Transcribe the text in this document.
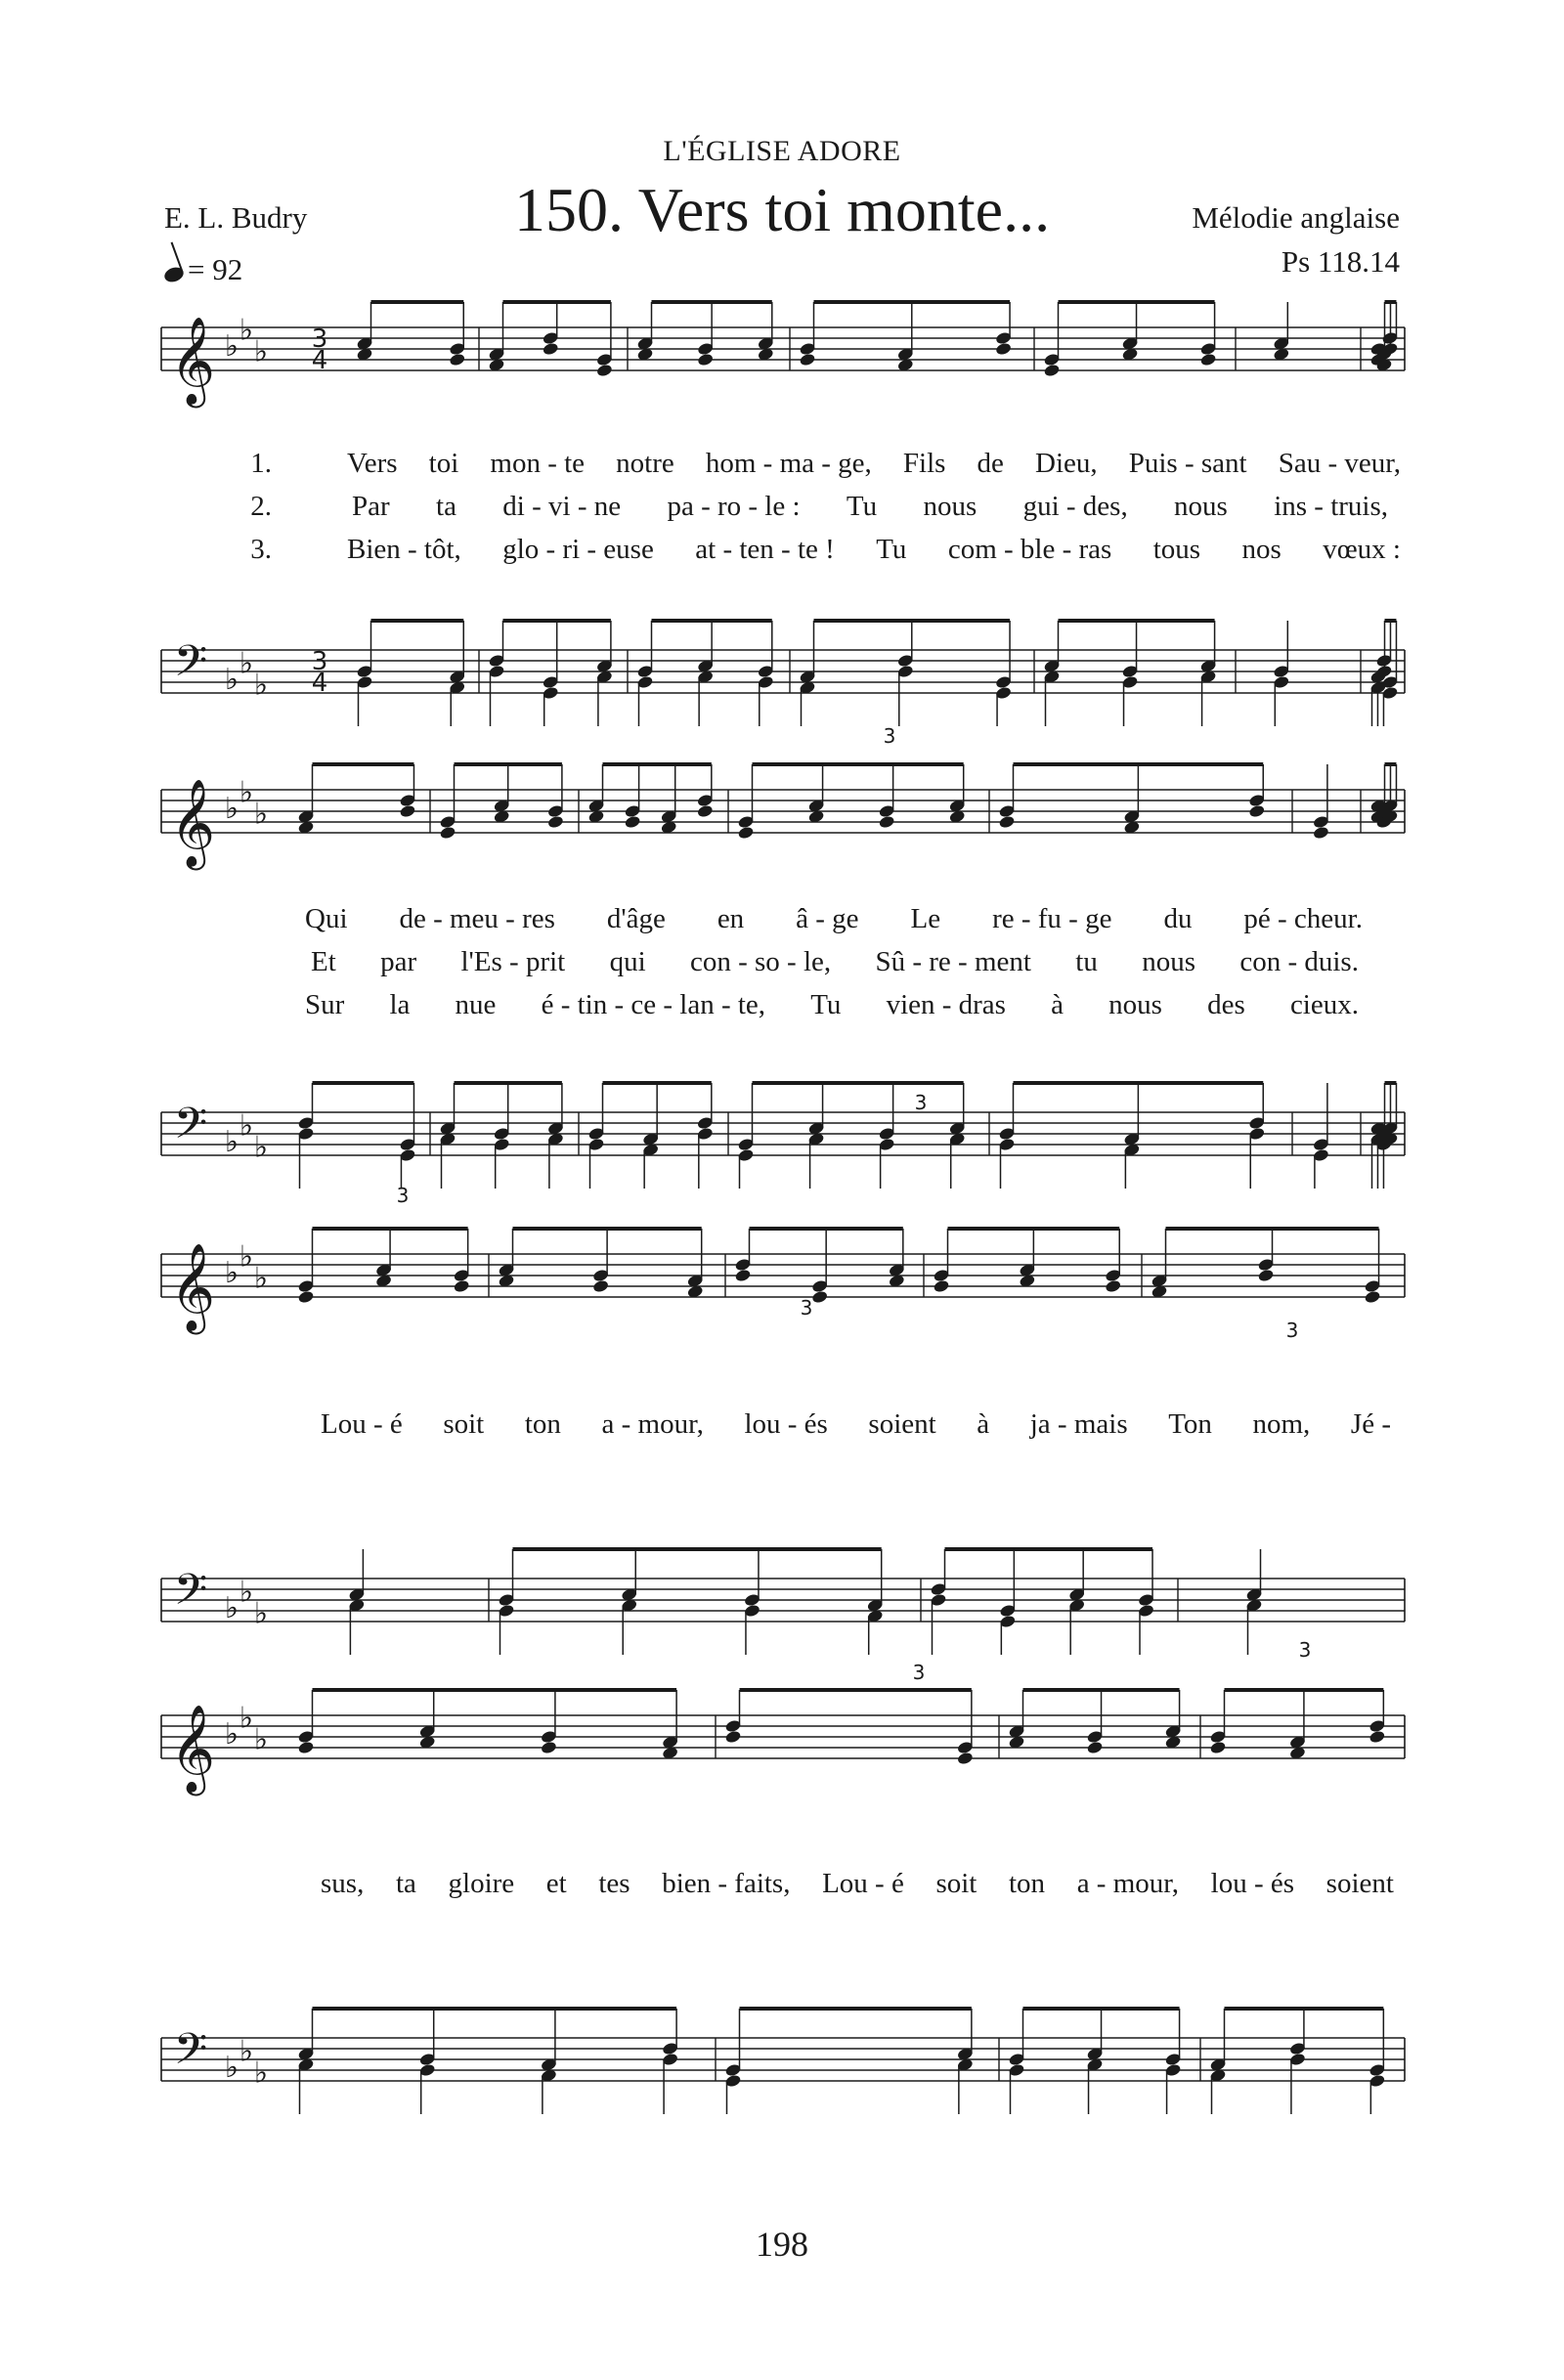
L'ÉGLISE ADORE
150. Vers toi monte...
E. L. Budry
= 92
Mélodie anglaise
Ps 118.14
𝄞 ♭ ♭
♭ 3
4
𝄢 ♭ ♭
♭
3
4
𝄞 ♭ ♭
♭
𝄢 ♭ ♭
♭
3
3
𝄞 ♭ ♭
♭
𝄢 ♭ ♭
♭
3
3
3
𝄞 ♭ ♭
♭
𝄢 ♭ ♭
♭
3
3
1.
2.
3.
Vers toi mon - te notre hom - ma - ge, Fils de Dieu, Puis - sant Sau - veur,
Par ta di - vi - ne pa - ro - le : Tu nous gui - des, nous ins - truis,
Bien - tôt, glo - ri - euse at - ten - te ! Tu com - ble - ras tous nos vœux :
Qui de - meu - res d'âge en â - ge Le re - fu - ge du pé - cheur.
Et par l'Es - prit qui con - so - le, Sû - re - ment tu nous con - duis.
Sur la nue é - tin - ce - lan - te, Tu vien - dras à nous des cieux.
Lou - é soit ton a - mour, lou - és soient à ja - mais Ton nom, Jé -
sus, ta gloire et tes bien - faits, Lou - é soit ton a - mour, lou - és soient
198
